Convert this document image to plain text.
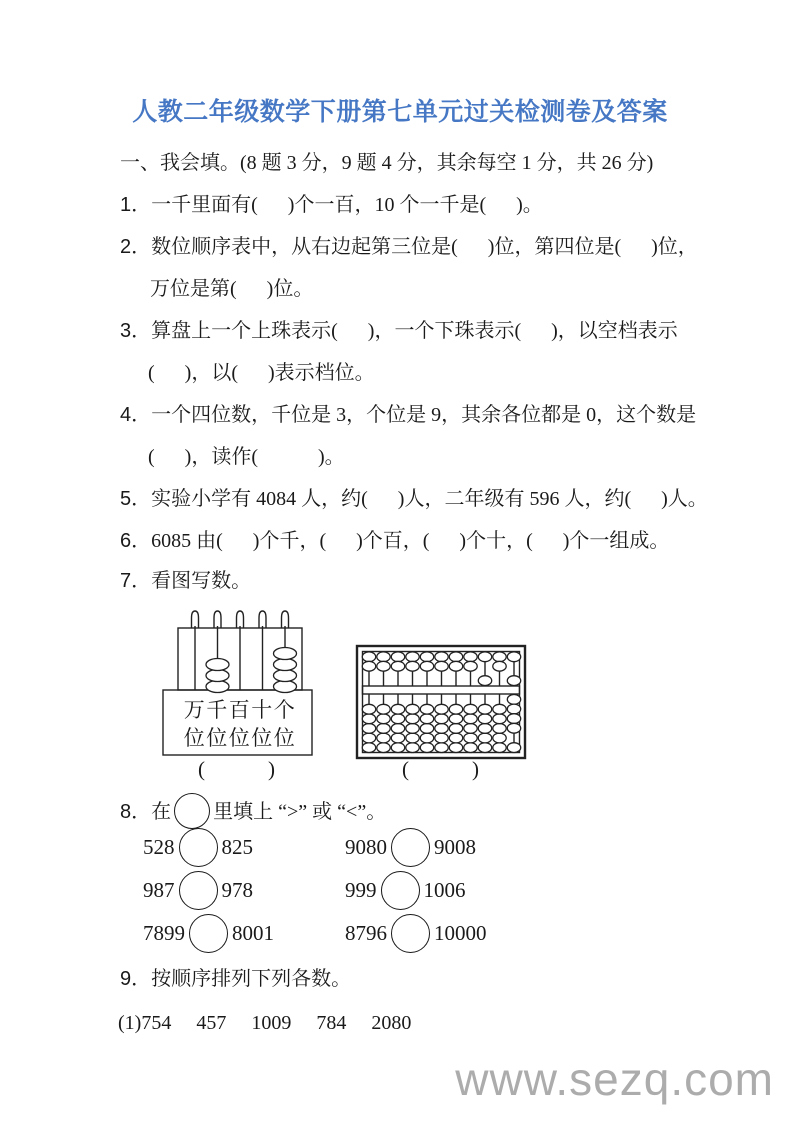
人教二年级数学下册第七单元过关检测卷及答案
一、我会填。(8 题 3 分，9 题 4 分，其余每空 1 分，共 26 分)
1．一千里面有(      )个一百，10 个一千是(      )。
2．数位顺序表中，从右边起第三位是(      )位，第四位是(      )位，
万位是第(      )位。
3．算盘上一个上珠表示(      )，一个下珠表示(      )，以空档表示
(      )，以(      )表示档位。
4．一个四位数，千位是 3，个位是 9，其余各位都是 0，这个数是
(      )，读作(            )。
5．实验小学有 4084 人，约(      )人，二年级有 596 人，约(      )人。
6．6085 由(      )个千，(      )个百，(      )个十，(      )个一组成。
7．看图写数。
万千百十个
位位位位位
(            )	(            )
8．在 里填上 “>” 或 “<”。
528 825	9080 9008
987 978	999 1006
7899 8001	8796 10000
9．按顺序排列下列各数。
(1)754     457     1009     784     2080
www.sezq.com
